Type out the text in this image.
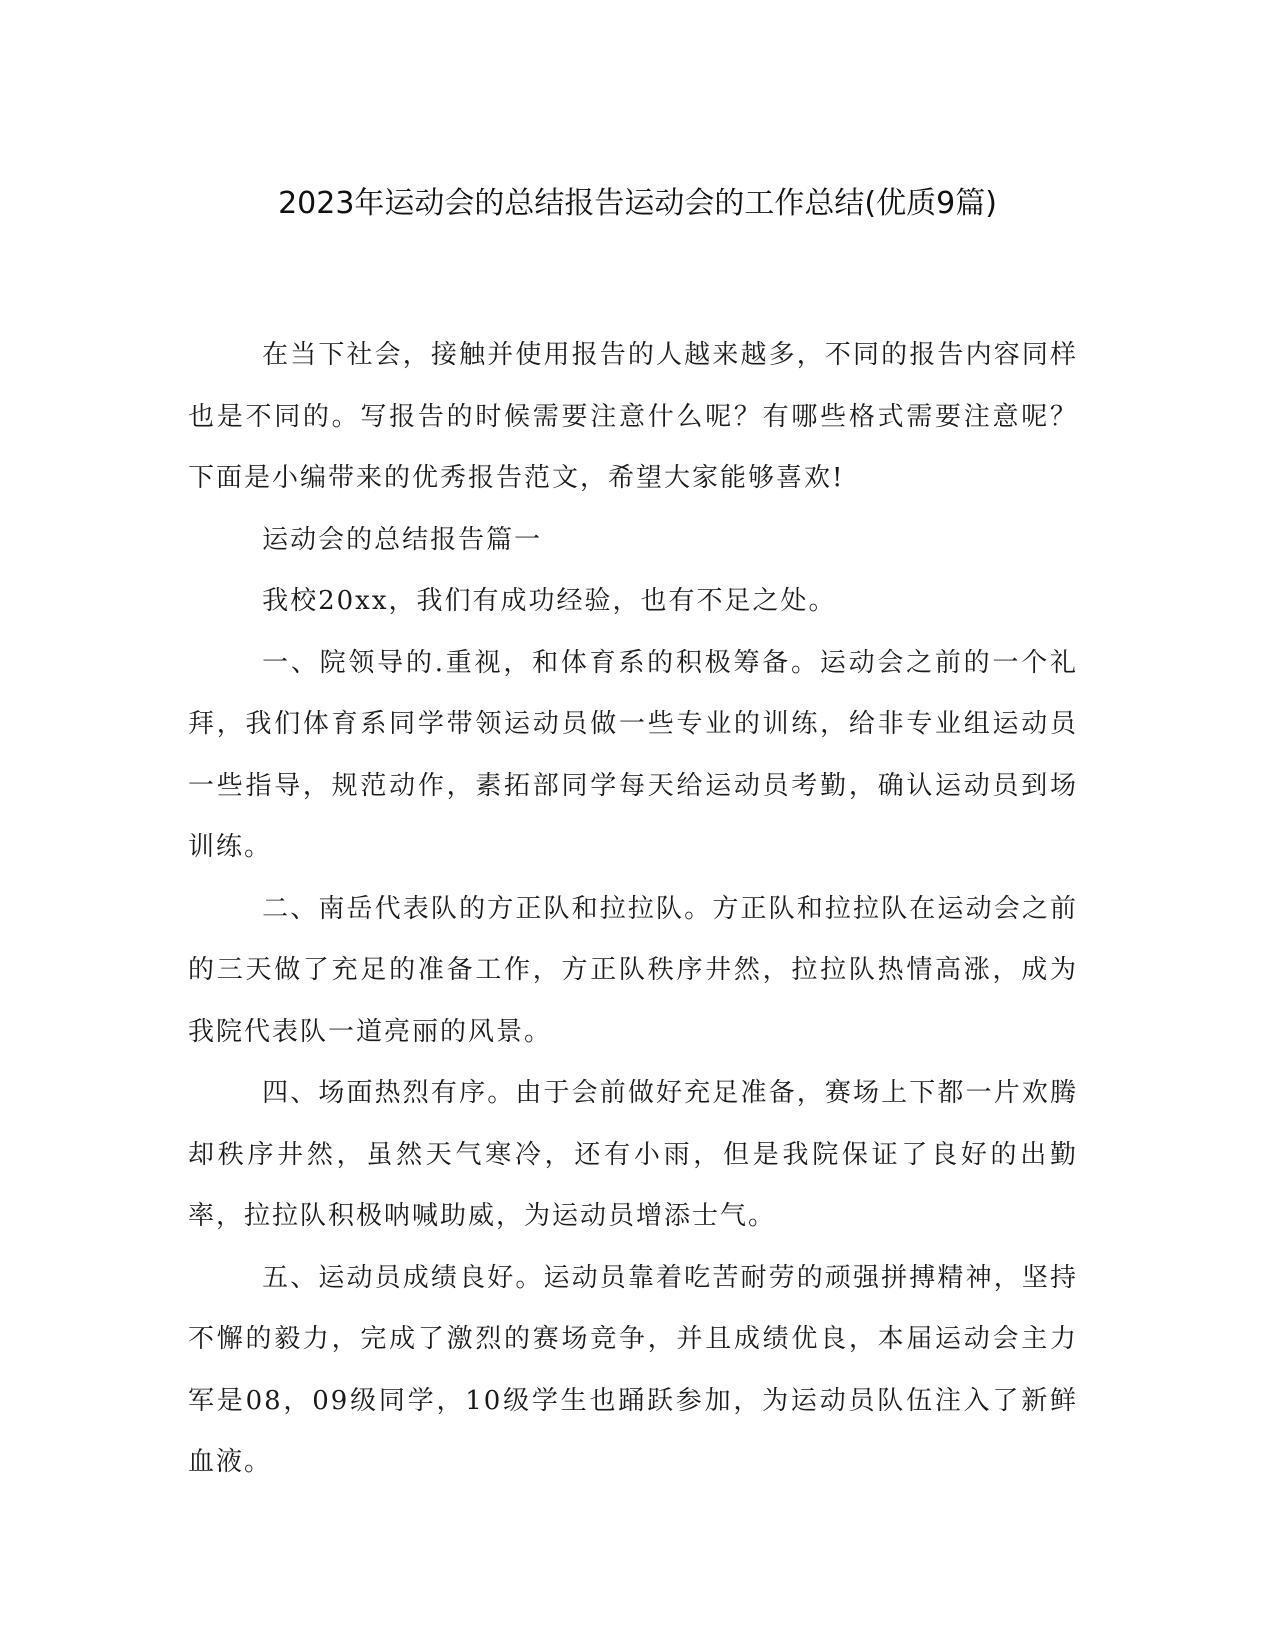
2023年运动会的总结报告运动会的工作总结(优质9篇)

在当下社会，接触并使用报告的人越来越多，不同的报告内容同样也是不同的。写报告的时候需要注意什么呢？有哪些格式需要注意呢？下面是小编带来的优秀报告范文，希望大家能够喜欢!

运动会的总结报告篇一

我校20xx，我们有成功经验，也有不足之处。

一、院领导的.重视，和体育系的积极筹备。运动会之前的一个礼拜，我们体育系同学带领运动员做一些专业的训练，给非专业组运动员一些指导，规范动作，素拓部同学每天给运动员考勤，确认运动员到场训练。

二、南岳代表队的方正队和拉拉队。方正队和拉拉队在运动会之前的三天做了充足的准备工作，方正队秩序井然，拉拉队热情高涨，成为我院代表队一道亮丽的风景。

四、场面热烈有序。由于会前做好充足准备，赛场上下都一片欢腾却秩序井然，虽然天气寒冷，还有小雨，但是我院保证了良好的出勤率，拉拉队积极呐喊助威，为运动员增添士气。

五、运动员成绩良好。运动员靠着吃苦耐劳的顽强拼搏精神，坚持不懈的毅力，完成了激烈的赛场竞争，并且成绩优良，本届运动会主力军是08，09级同学，10级学生也踊跃参加，为运动员队伍注入了新鲜血液。
